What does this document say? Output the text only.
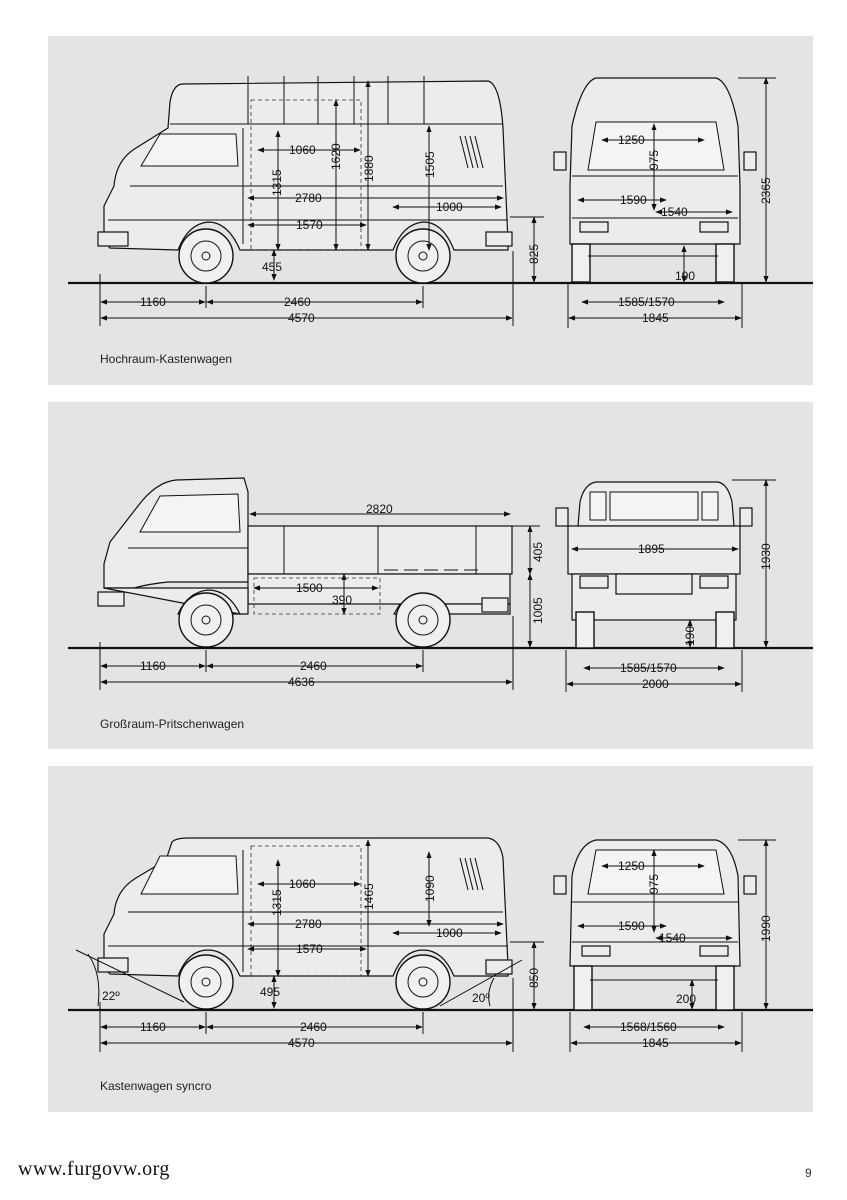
1060 1620 1880	1505
1315
2780
1000
1570
455
825
1160	2460
4570
1250
975
1590
1540
2365
190
1585/1570
1845
Hochraum-Kastenwagen
2820
405
1500
390	1005
1160	2460
4636
1895	1930
190
1585/1570
2000
Großraum-Pritschenwagen
1060
1315	1465	1090
2780
1000
1570
495
850
22º	20º
1160	2460
4570
1250
975
1590
1540	1990
200
1568/1560
1845
Kastenwagen syncro
www.furgovw.org	9
